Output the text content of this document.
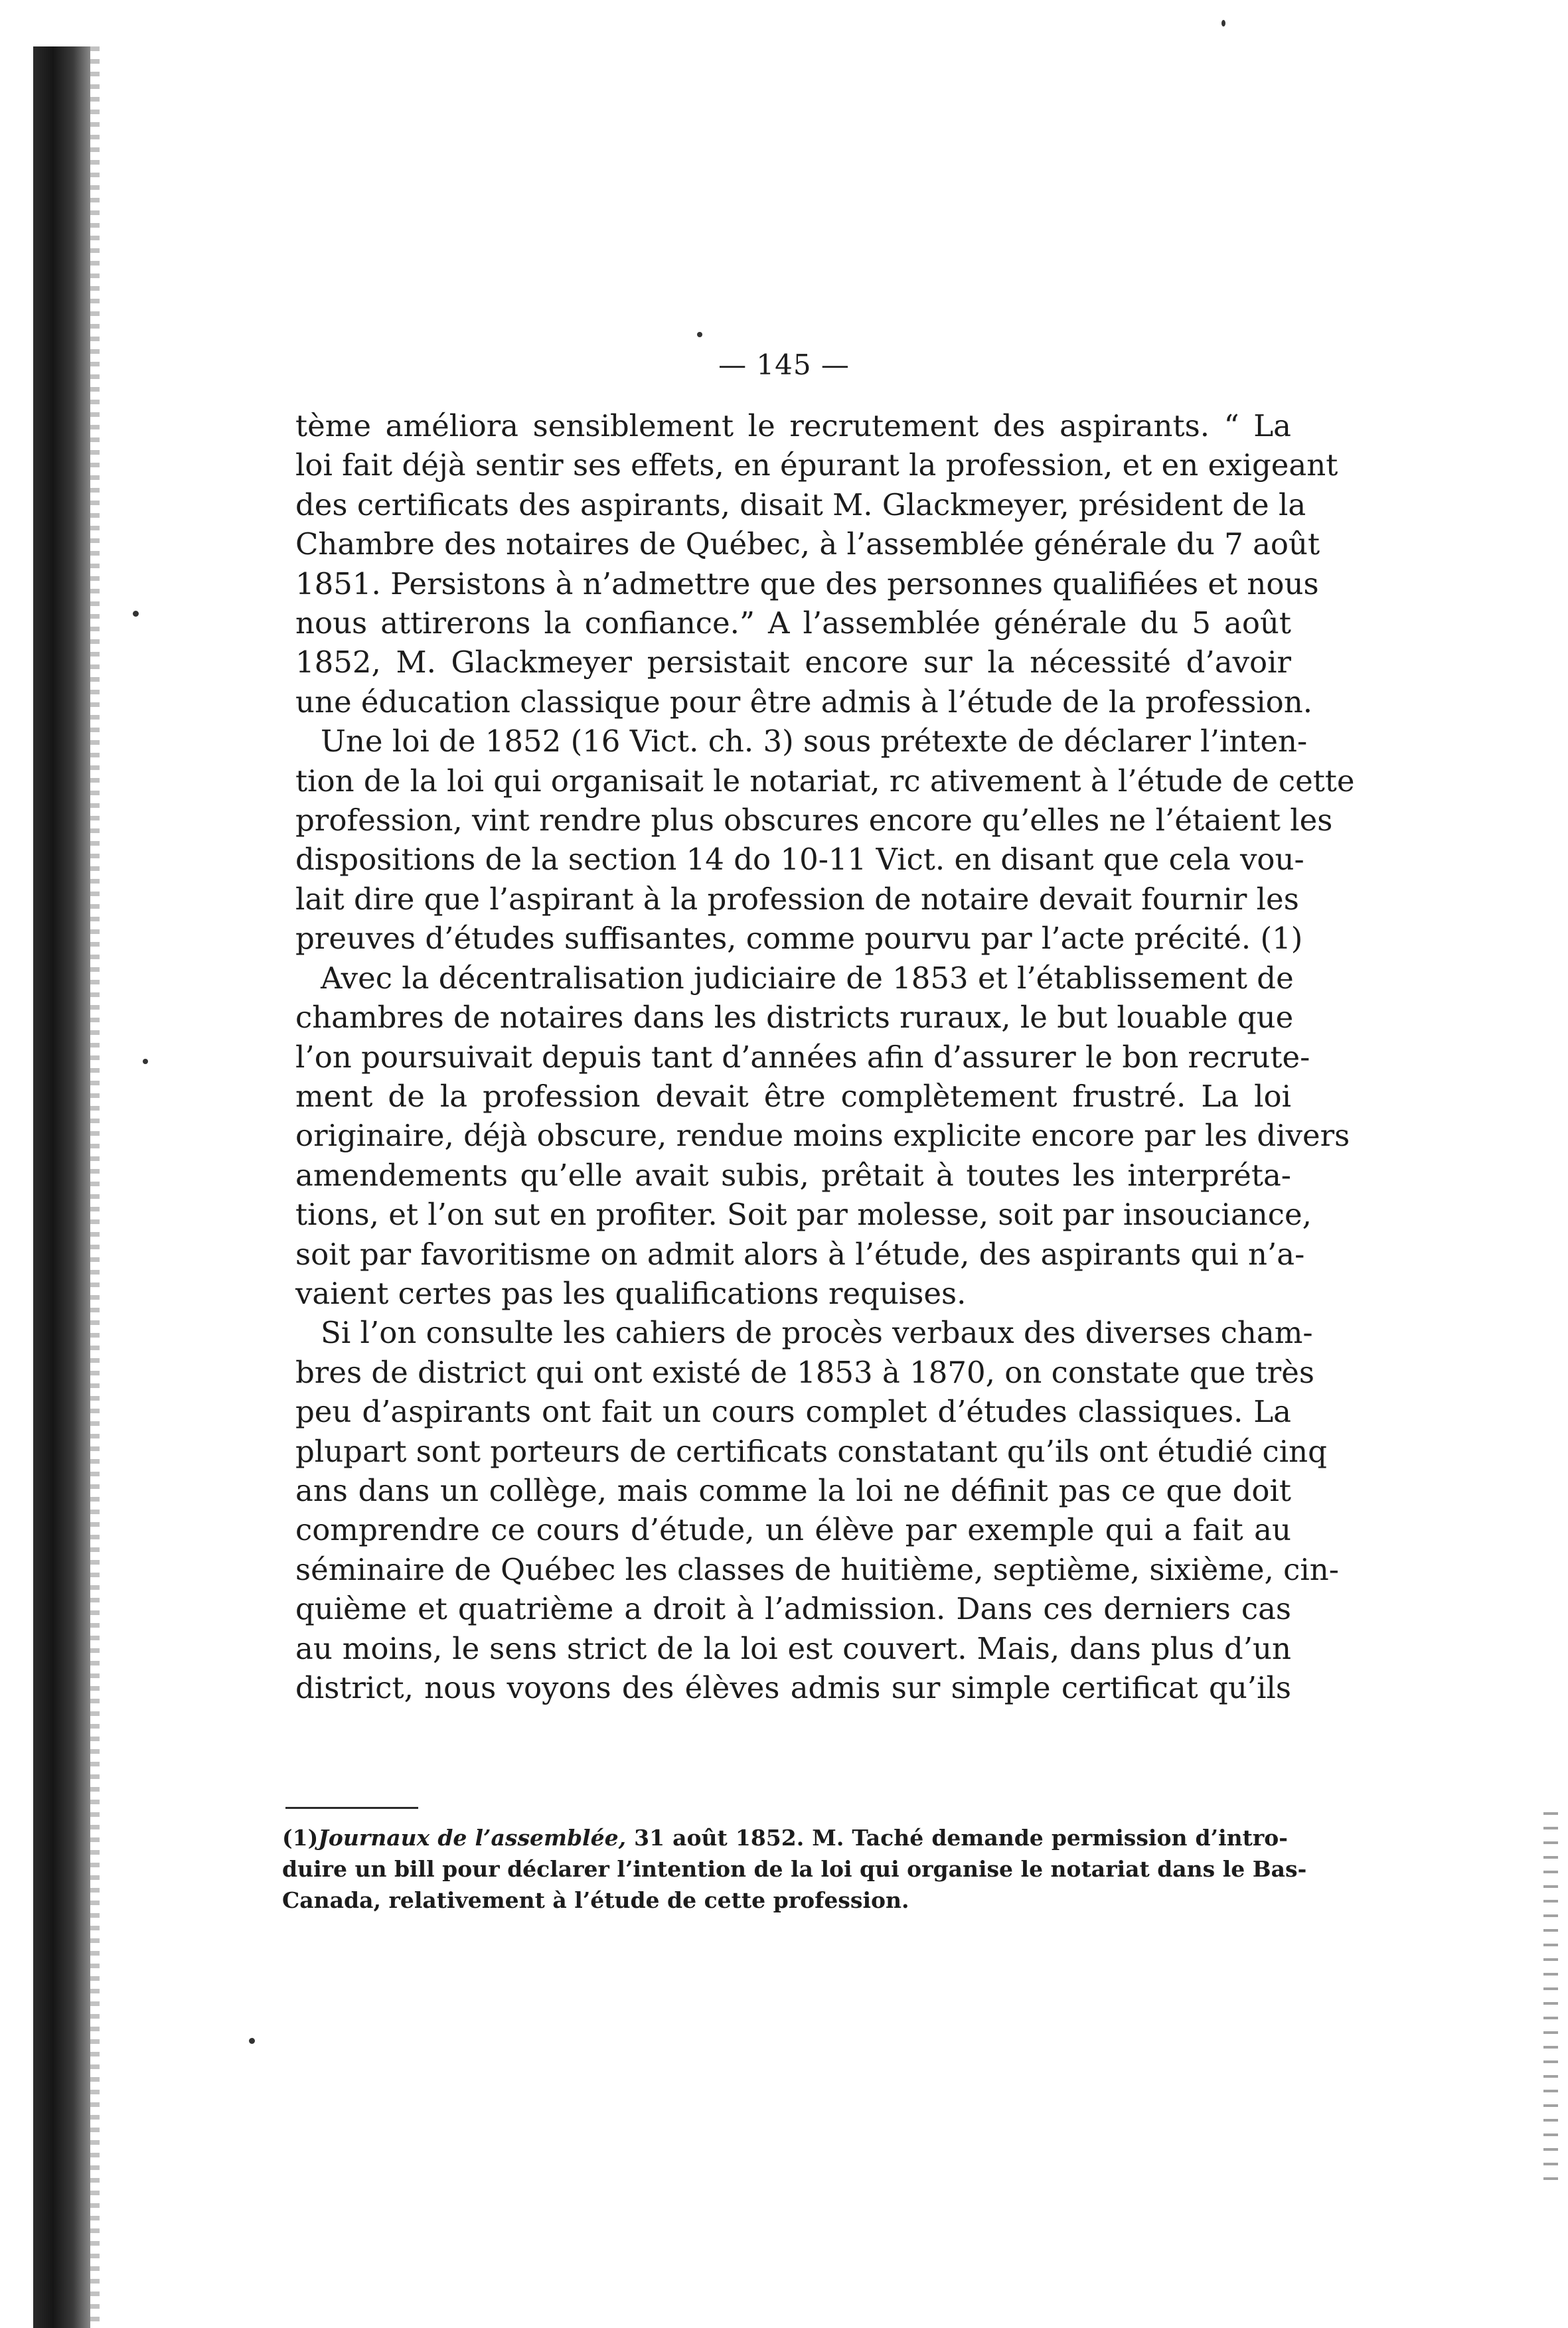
— 145 —
tème améliora sensiblement le recrutement des aspirants. “ La
loi fait déjà sentir ses effets, en épurant la profession, et en exigeant
des certificats des aspirants, disait M. Glackmeyer, président de la
Chambre des notaires de Québec, à l’assemblée générale du 7 août
1851. Persistons à n’admettre que des personnes qualifiées et nous
nous attirerons la confiance.” A l’assemblée générale du 5 août
1852, M. Glackmeyer persistait encore sur la nécessité d’avoir
une éducation classique pour être admis à l’étude de la profession.
Une loi de 1852 (16 Vict. ch. 3) sous prétexte de déclarer l’inten-
tion de la loi qui organisait le notariat, rc ativement à l’étude de cette
profession, vint rendre plus obscures encore qu’elles ne l’étaient les
dispositions de la section 14 do 10-11 Vict. en disant que cela vou-
lait dire que l’aspirant à la profession de notaire devait fournir les
preuves d’études suffisantes, comme pourvu par l’acte précité. (1)
Avec la décentralisation judiciaire de 1853 et l’établissement de
chambres de notaires dans les districts ruraux, le but louable que
l’on poursuivait depuis tant d’années afin d’assurer le bon recrute-
ment de la profession devait être complètement frustré. La loi
originaire, déjà obscure, rendue moins explicite encore par les divers
amendements qu’elle avait subis, prêtait à toutes les interpréta-
tions, et l’on sut en profiter. Soit par molesse, soit par insouciance,
soit par favoritisme on admit alors à l’étude, des aspirants qui n’a-
vaient certes pas les qualifications requises.
Si l’on consulte les cahiers de procès verbaux des diverses cham-
bres de district qui ont existé de 1853 à 1870, on constate que très
peu d’aspirants ont fait un cours complet d’études classiques. La
plupart sont porteurs de certificats constatant qu’ils ont étudié cinq
ans dans un collège, mais comme la loi ne définit pas ce que doit
comprendre ce cours d’étude, un élève par exemple qui a fait au
séminaire de Québec les classes de huitième, septième, sixième, cin-
quième et quatrième a droit à l’admission. Dans ces derniers cas
au moins, le sens strict de la loi est couvert. Mais, dans plus d’un
district, nous voyons des élèves admis sur simple certificat qu’ils
(1)Journaux de l’assemblée, 31 août 1852. M. Taché demande permission d’intro-
duire un bill pour déclarer l’intention de la loi qui organise le notariat dans le Bas-
Canada, relativement à l’étude de cette profession.
